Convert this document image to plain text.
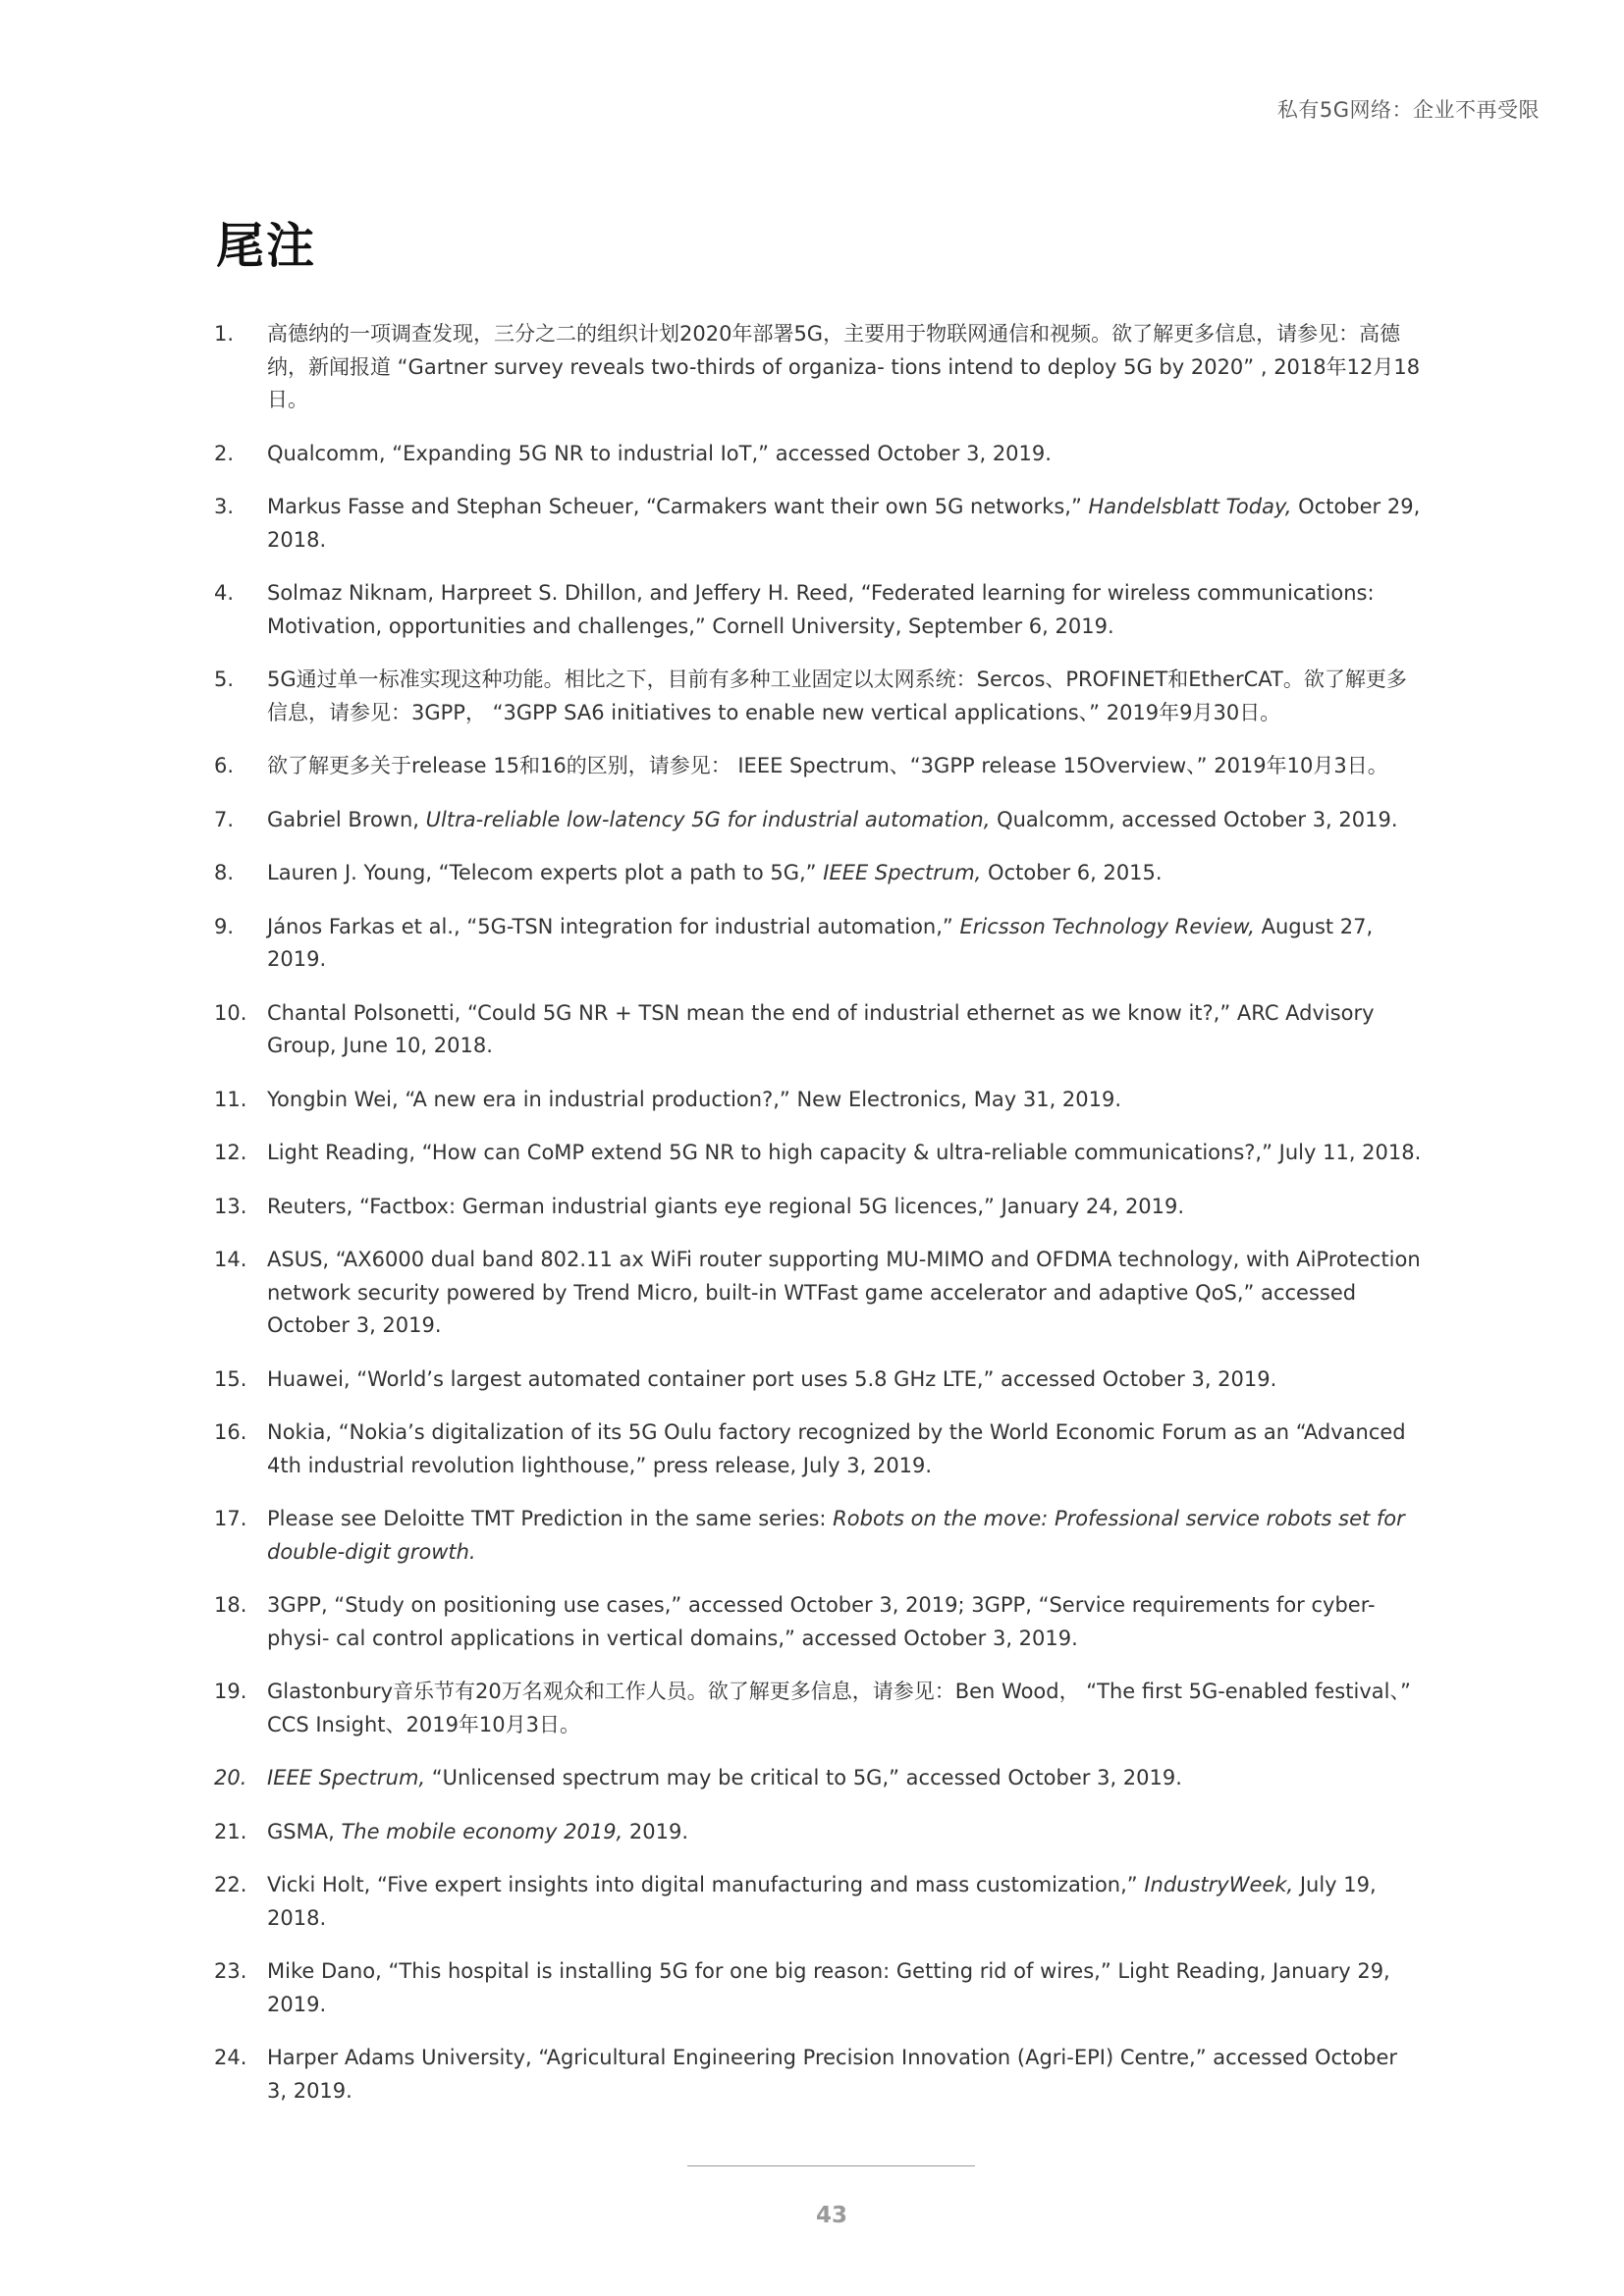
私有5G网络：企业不再受限
尾注
1.	高德纳的一项调查发现，三分之二的组织计划2020年部署5G，主要用于物联网通信和视频。欲了解更多信息，请参见：高德纳，新闻报道 “Gartner survey reveals two-thirds of organiza- tions intend to deploy 5G by 2020” , 2018年12月18日。

2.	Qualcomm, “Expanding 5G NR to industrial IoT,” accessed October 3, 2019.

3.	Markus Fasse and Stephan Scheuer, “Carmakers want their own 5G networks,” Handelsblatt Today, October 29, 2018.

4.	Solmaz Niknam, Harpreet S. Dhillon, and Jeffery H. Reed, “Federated learning for wireless communications: Motivation, opportunities and challenges,” Cornell University, September 6, 2019.

5.	5G通过单一标准实现这种功能。相比之下，目前有多种工业固定以太网系统：Sercos、PROFINET和EtherCAT。欲了解更多信息，请参见：3GPP， “3GPP SA6 initiatives to enable new vertical applications、” 2019年9月30日。

6.	欲了解更多关于release 15和16的区别，请参见： IEEE Spectrum、“3GPP release 15Overview、” 2019年10月3日。

7.	Gabriel Brown, Ultra-reliable low-latency 5G for industrial automation, Qualcomm, accessed October 3, 2019.

8.	Lauren J. Young, “Telecom experts plot a path to 5G,” IEEE Spectrum, October 6, 2015.

9.	János Farkas et al., “5G-TSN integration for industrial automation,” Ericsson Technology Review, August 27, 2019.

10. Chantal Polsonetti, “Could 5G NR + TSN mean the end of industrial ethernet as we know it?,” ARC Advisory Group, June 10, 2018.

11. Yongbin Wei, “A new era in industrial production?,” New Electronics, May 31, 2019.

12. Light Reading, “How can CoMP extend 5G NR to high capacity & ultra-reliable communications?,” July 11, 2018.

13. Reuters, “Factbox: German industrial giants eye regional 5G licences,” January 24, 2019.

14. ASUS, “AX6000 dual band 802.11 ax WiFi router supporting MU-MIMO and OFDMA technology, with AiProtection network security powered by Trend Micro, built-in WTFast game accelerator and adaptive QoS,” accessed October 3, 2019.

15. Huawei, “World’s largest automated container port uses 5.8 GHz LTE,” accessed October 3, 2019.

16. Nokia, “Nokia’s digitalization of its 5G Oulu factory recognized by the World Economic Forum as an “Advanced 4th industrial revolution lighthouse,” press release, July 3, 2019.

17. Please see Deloitte TMT Prediction in the same series: Robots on the move: Professional service robots set for double-digit growth.

18. 3GPP, “Study on positioning use cases,” accessed October 3, 2019; 3GPP, “Service requirements for cyber-physi- cal control applications in vertical domains,” accessed October 3, 2019.

19. Glastonbury音乐节有20万名观众和工作人员。欲了解更多信息，请参见：Ben Wood， “The first 5G-enabled festival、” CCS Insight、2019年10月3日。

20. IEEE Spectrum, “Unlicensed spectrum may be critical to 5G,” accessed October 3, 2019.

21. GSMA, The mobile economy 2019, 2019.

22. Vicki Holt, “Five expert insights into digital manufacturing and mass customization,” IndustryWeek, July 19, 2018.

23. Mike Dano, “This hospital is installing 5G for one big reason: Getting rid of wires,” Light Reading, January 29, 2019.

24. Harper Adams University, “Agricultural Engineering Precision Innovation (Agri-EPI) Centre,” accessed October 3, 2019.

43
